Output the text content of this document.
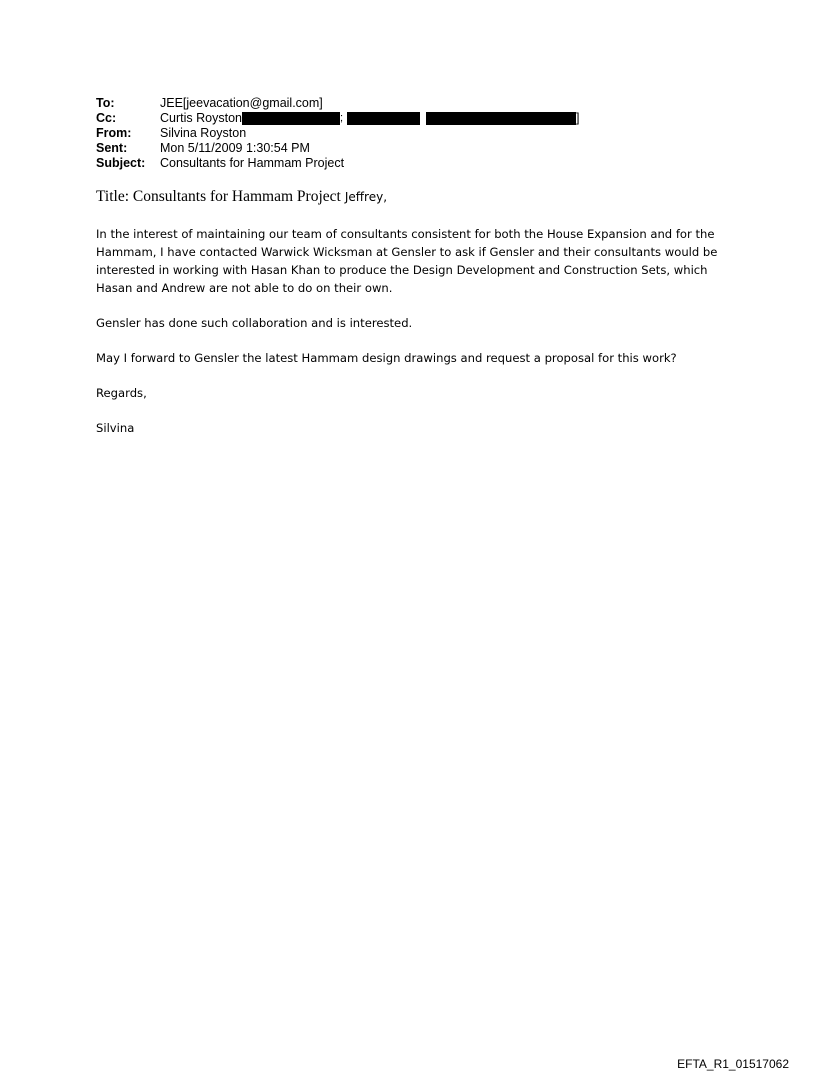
To:	JEE[jeevacation@gmail.com]
Cc:	Curtis Royston	;	]
From:	Silvina Royston
Sent:	Mon 5/11/2009 1:30:54 PM
Subject:	Consultants for Hammam Project
Title: Consultants for Hammam Project Jeffrey,

In the interest of maintaining our team of consultants consistent for both the House Expansion and for the Hammam, I have contacted Warwick Wicksman at Gensler to ask if Gensler and their consultants would be interested in working with Hasan Khan to produce the Design Development and Construction Sets, which Hasan and Andrew are not able to do on their own.

Gensler has done such collaboration and is interested.

May I forward to Gensler the latest Hammam design drawings and request a proposal for this work?

Regards,

Silvina

EFTA_R1_01517062
